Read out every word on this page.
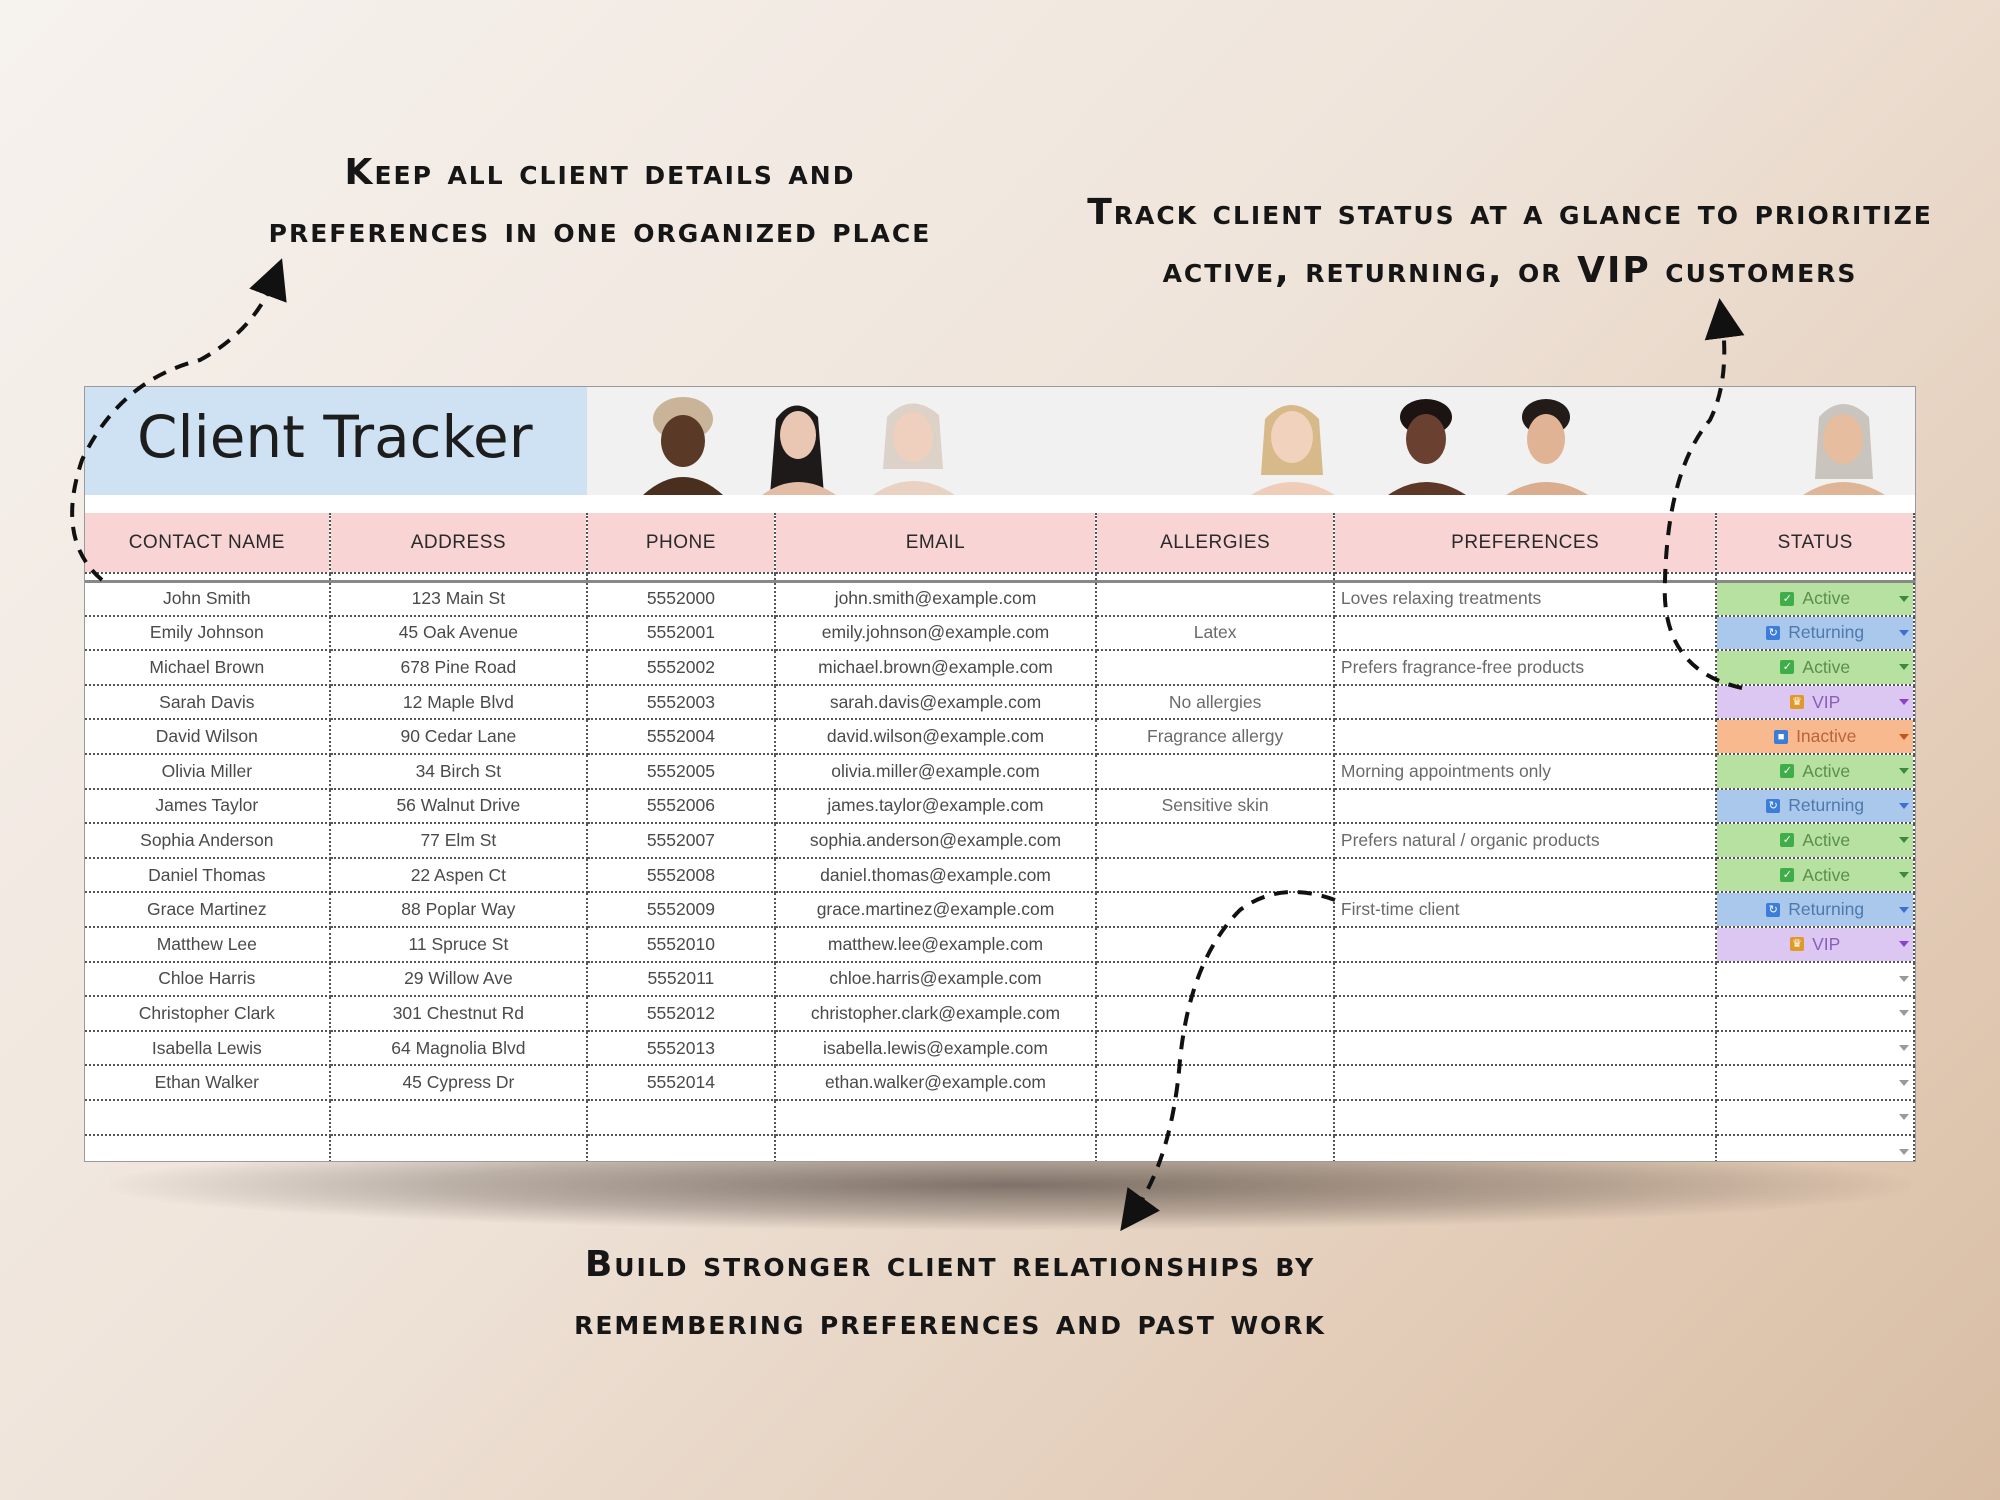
Keep all client details and
preferences in one organized place	Track client status at a glance to prioritize
active, returning, or VIP customers
Build stronger client relationships by
remembering preferences and past work
Client Tracker
CONTACT NAME	ADDRESS	PHONE	EMAIL	ALLERGIES	PREFERENCES	STATUS

John Smith	123 Main St	5552000	john.smith@example.com		Loves relaxing treatments	✓ Active

Emily Johnson	45 Oak Avenue	5552001	emily.johnson@example.com	Latex		↻ Returning

Michael Brown	678 Pine Road	5552002	michael.brown@example.com		Prefers fragrance-free products	✓ Active

Sarah Davis	12 Maple Blvd	5552003	sarah.davis@example.com	No allergies		♛ VIP

David Wilson	90 Cedar Lane	5552004	david.wilson@example.com	Fragrance allergy		■ Inactive

Olivia Miller	34 Birch St	5552005	olivia.miller@example.com		Morning appointments only	✓ Active

James Taylor	56 Walnut Drive	5552006	james.taylor@example.com	Sensitive skin		↻ Returning

Sophia Anderson	77 Elm St	5552007	sophia.anderson@example.com		Prefers natural / organic products	✓ Active

Daniel Thomas	22 Aspen Ct	5552008	daniel.thomas@example.com			✓ Active

Grace Martinez	88 Poplar Way	5552009	grace.martinez@example.com		First-time client	↻ Returning

Matthew Lee	11 Spruce St	5552010	matthew.lee@example.com			♛ VIP

Chloe Harris	29 Willow Ave	5552011	chloe.harris@example.com			

Christopher Clark	301 Chestnut Rd	5552012	christopher.clark@example.com			

Isabella Lewis	64 Magnolia Blvd	5552013	isabella.lewis@example.com			

Ethan Walker	45 Cypress Dr	5552014	ethan.walker@example.com			
